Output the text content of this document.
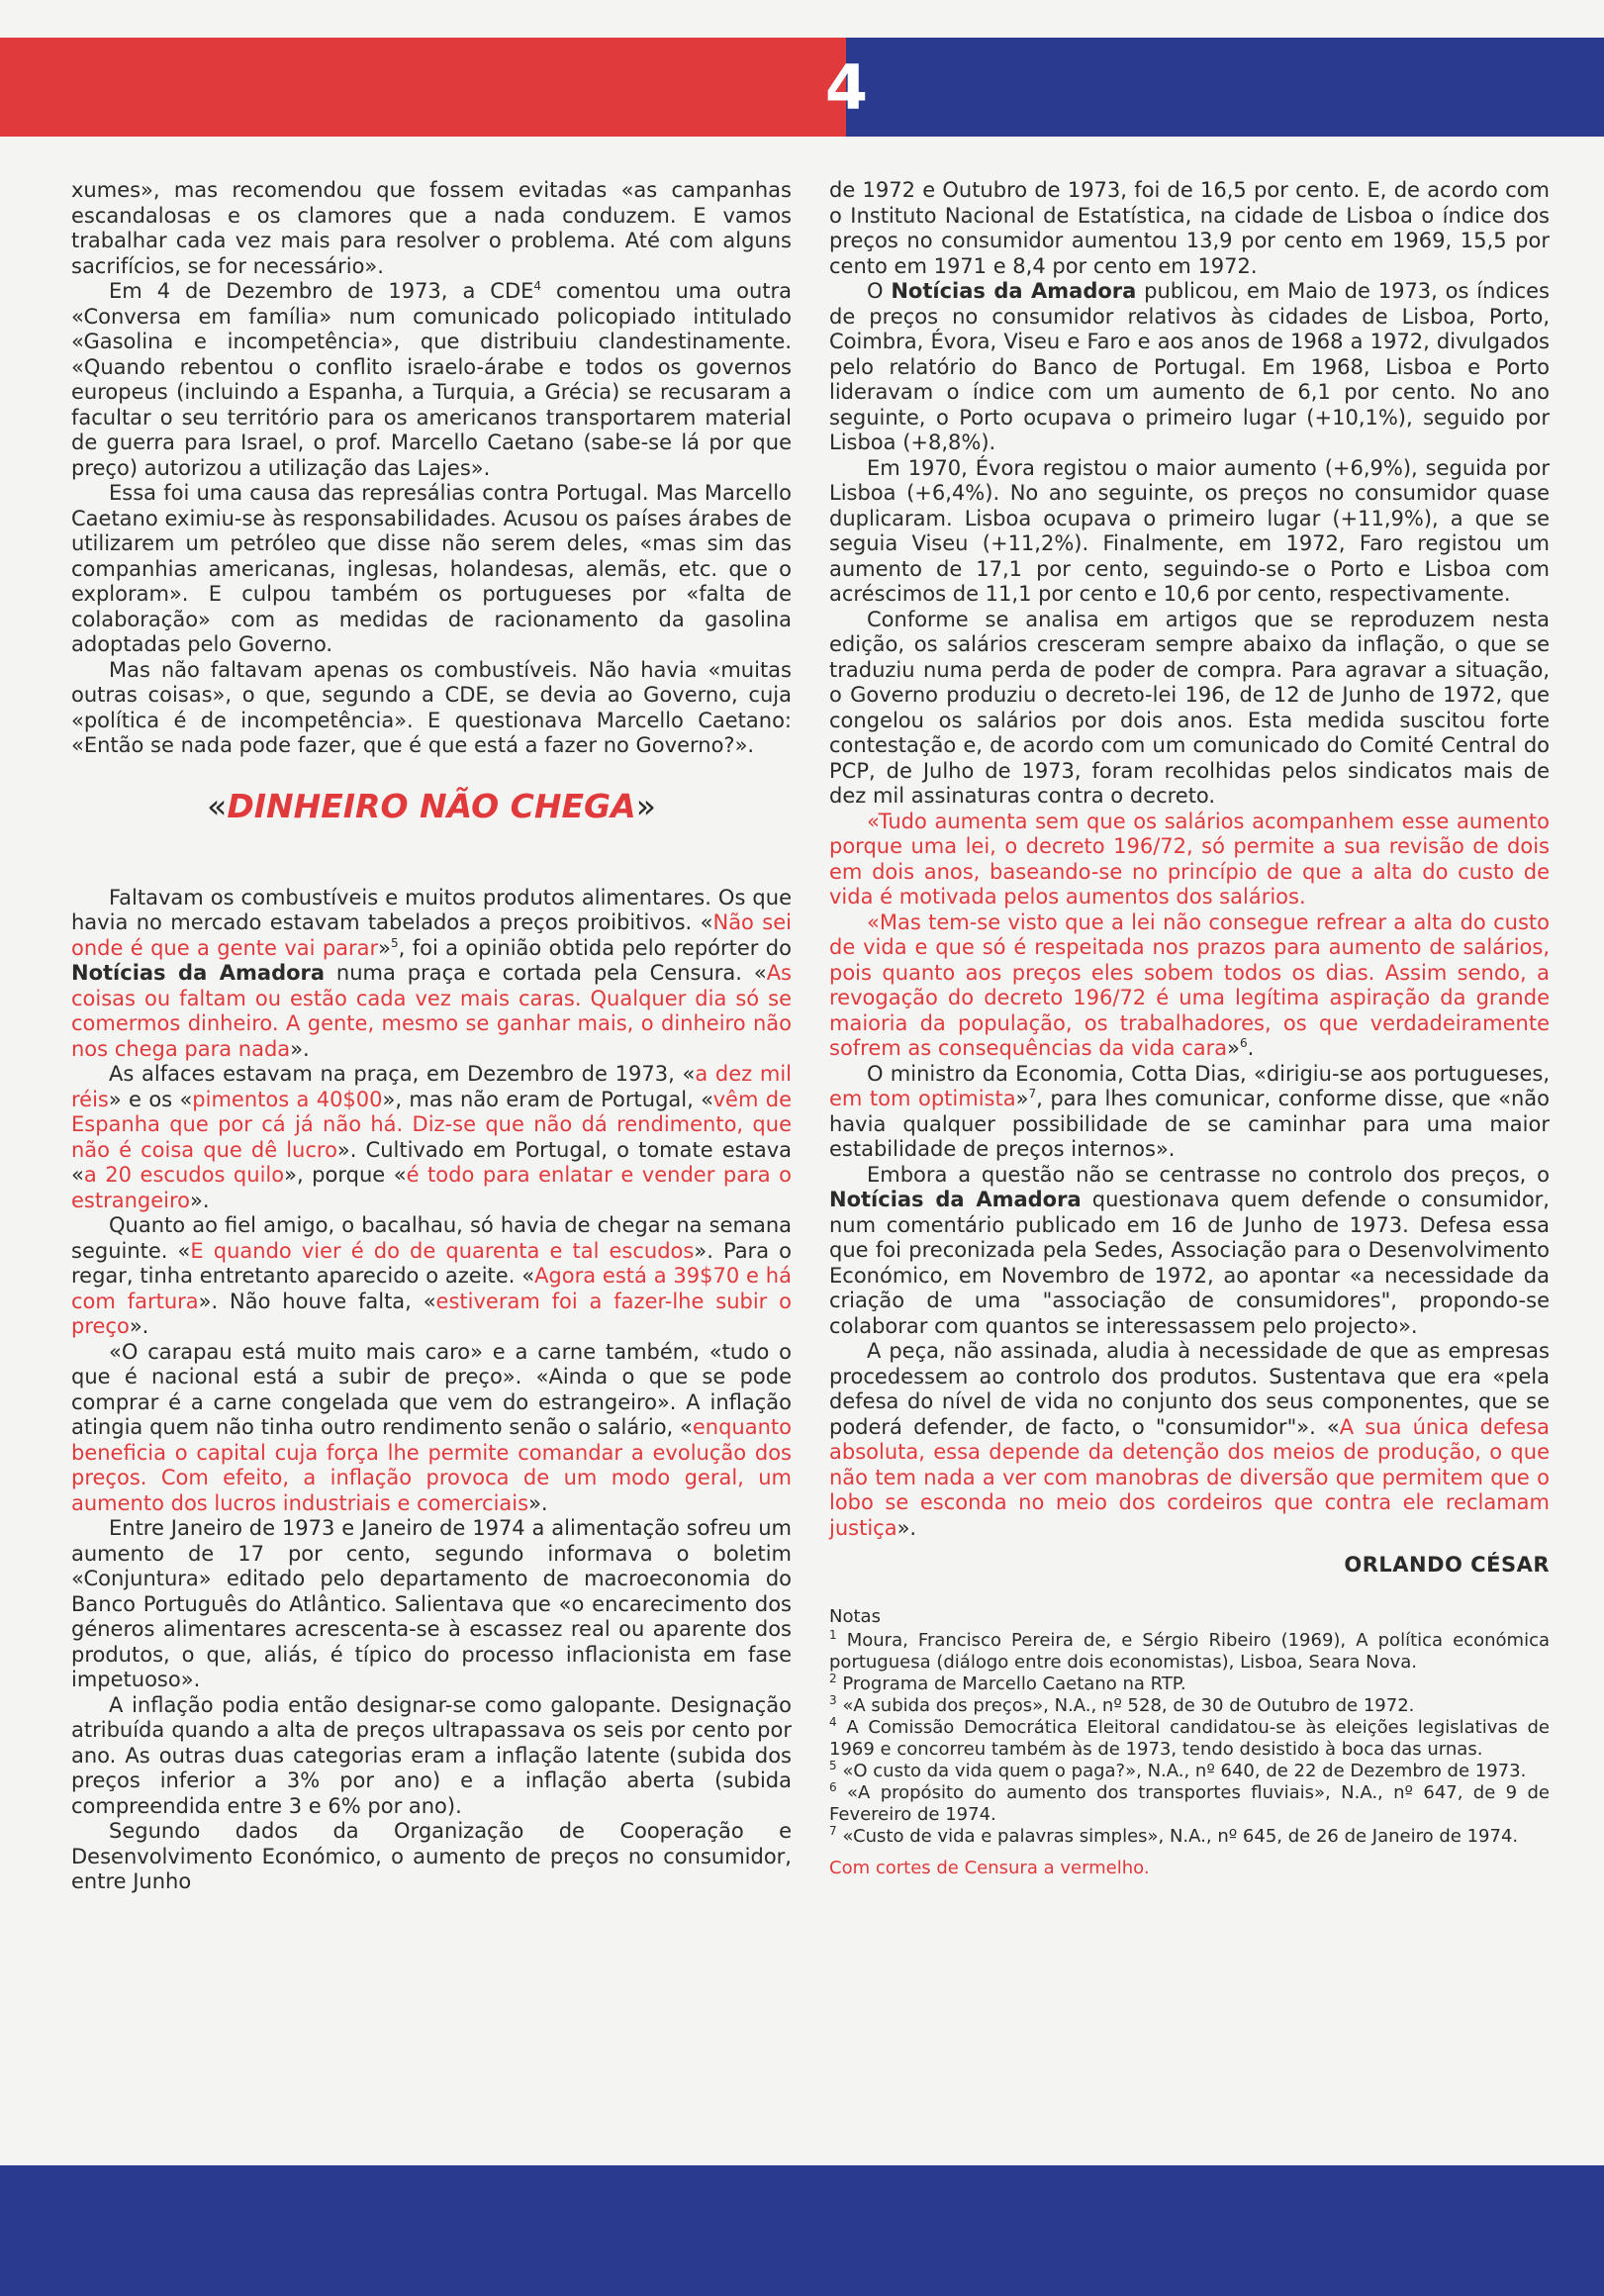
4

xumes», mas recomendou que fossem evitadas «as campanhas escandalosas e os clamores que a nada conduzem. E vamos trabalhar cada vez mais para resolver o problema. Até com alguns sacrifícios, se for necessário».

Em 4 de Dezembro de 1973, a CDE$^4$ comentou uma outra «Conversa em família» num comunicado policopiado intitulado «Gasolina e incompetência», que distribuiu clandestinamente. «Quando rebentou o conflito israelo-árabe e todos os governos europeus (incluindo a Espanha, a Turquia, a Grécia) se recusaram a facultar o seu território para os americanos transportarem material de guerra para Israel, o prof. Marcello Caetano (sabe-se lá por que preço) autorizou a utilização das Lajes».

Essa foi uma causa das represálias contra Portugal. Mas Marcello Caetano eximiu-se às responsabilidades. Acusou os países árabes de utilizarem um petróleo que disse não serem deles, «mas sim das companhias americanas, inglesas, holandesas, alemãs, etc. que o exploram». E culpou também os portugueses por «falta de colaboração» com as medidas de racionamento da gasolina adoptadas pelo Governo.

Mas não faltavam apenas os combustíveis. Não havia «muitas outras coisas», o que, segundo a CDE, se devia ao Governo, cuja «política é de incompetência». E questionava Marcello Caetano: «Então se nada pode fazer, que é que está a fazer no Governo?».

«DINHEIRO NÃO CHEGA»

Faltavam os combustíveis e muitos produtos alimentares. Os que havia no mercado estavam tabelados a preços proibitivos. «Não sei onde é que a gente vai parar»$^5$, foi a opinião obtida pelo repórter do Notícias da Amadora numa praça e cortada pela Censura. «As coisas ou faltam ou estão cada vez mais caras. Qualquer dia só se comermos dinheiro. A gente, mesmo se ganhar mais, o dinheiro não nos chega para nada».

As alfaces estavam na praça, em Dezembro de 1973, «a dez mil réis» e os «pimentos a 40$00», mas não eram de Portugal, «vêm de Espanha que por cá já não há. Diz-se que não dá rendimento, que não é coisa que dê lucro». Cultivado em Portugal, o tomate estava «a 20 escudos quilo», porque «é todo para enlatar e vender para o estrangeiro».

Quanto ao fiel amigo, o bacalhau, só havia de chegar na semana seguinte. «E quando vier é do de quarenta e tal escudos». Para o regar, tinha entretanto aparecido o azeite. «Agora está a 39$70 e há com fartura». Não houve falta, «estiveram foi a fazer-lhe subir o preço».

«O carapau está muito mais caro» e a carne também, «tudo o que é nacional está a subir de preço». «Ainda o que se pode comprar é a carne congelada que vem do estrangeiro». A inflação atingia quem não tinha outro rendimento senão o salário, «enquanto beneficia o capital cuja força lhe permite comandar a evolução dos preços. Com efeito, a inflação provoca de um modo geral, um aumento dos lucros industriais e comerciais».

Entre Janeiro de 1973 e Janeiro de 1974 a alimentação sofreu um aumento de 17 por cento, segundo informava o boletim «Conjuntura» editado pelo departamento de macroeconomia do Banco Português do Atlântico. Salientava que «o encarecimento dos géneros alimentares acrescenta-se à escassez real ou aparente dos produtos, o que, aliás, é típico do processo inflacionista em fase impetuoso».

A inflação podia então designar-se como galopante. Designação atribuída quando a alta de preços ultrapassava os seis por cento por ano. As outras duas categorias eram a inflação latente (subida dos preços inferior a 3% por ano) e a inflação aberta (subida compreendida entre 3 e 6% por ano).

Segundo dados da Organização de Cooperação e Desenvolvimento Económico, o aumento de preços no consumidor, entre Junho

de 1972 e Outubro de 1973, foi de 16,5 por cento. E, de acordo com o Instituto Nacional de Estatística, na cidade de Lisboa o índice dos preços no consumidor aumentou 13,9 por cento em 1969, 15,5 por cento em 1971 e 8,4 por cento em 1972.

O Notícias da Amadora publicou, em Maio de 1973, os índices de preços no consumidor relativos às cidades de Lisboa, Porto, Coimbra, Évora, Viseu e Faro e aos anos de 1968 a 1972, divulgados pelo relatório do Banco de Portugal. Em 1968, Lisboa e Porto lideravam o índice com um aumento de 6,1 por cento. No ano seguinte, o Porto ocupava o primeiro lugar (+10,1%), seguido por Lisboa (+8,8%).

Em 1970, Évora registou o maior aumento (+6,9%), seguida por Lisboa (+6,4%). No ano seguinte, os preços no consumidor quase duplicaram. Lisboa ocupava o primeiro lugar (+11,9%), a que se seguia Viseu (+11,2%). Finalmente, em 1972, Faro registou um aumento de 17,1 por cento, seguindo-se o Porto e Lisboa com acréscimos de 11,1 por cento e 10,6 por cento, respectivamente.

Conforme se analisa em artigos que se reproduzem nesta edição, os salários cresceram sempre abaixo da inflação, o que se traduziu numa perda de poder de compra. Para agravar a situação, o Governo produziu o decreto-lei 196, de 12 de Junho de 1972, que congelou os salários por dois anos. Esta medida suscitou forte contestação e, de acordo com um comunicado do Comité Central do PCP, de Julho de 1973, foram recolhidas pelos sindicatos mais de dez mil assinaturas contra o decreto.

«Tudo aumenta sem que os salários acompanhem esse aumento porque uma lei, o decreto 196/72, só permite a sua revisão de dois em dois anos, baseando-se no princípio de que a alta do custo de vida é motivada pelos aumentos dos salários.

«Mas tem-se visto que a lei não consegue refrear a alta do custo de vida e que só é respeitada nos prazos para aumento de salários, pois quanto aos preços eles sobem todos os dias. Assim sendo, a revogação do decreto 196/72 é uma legítima aspiração da grande maioria da população, os trabalhadores, os que verdadeiramente sofrem as consequências da vida cara»$^6$.

O ministro da Economia, Cotta Dias, «dirigiu-se aos portugueses, em tom optimista»$^7$, para lhes comunicar, conforme disse, que «não havia qualquer possibilidade de se caminhar para uma maior estabilidade de preços internos».

Embora a questão não se centrasse no controlo dos preços, o Notícias da Amadora questionava quem defende o consumidor, num comentário publicado em 16 de Junho de 1973. Defesa essa que foi preconizada pela Sedes, Associação para o Desenvolvimento Económico, em Novembro de 1972, ao apontar «a necessidade da criação de uma "associação de consumidores", propondo-se colaborar com quantos se interessassem pelo projecto».

A peça, não assinada, aludia à necessidade de que as empresas procedessem ao controlo dos produtos. Sustentava que era «pela defesa do nível de vida no conjunto dos seus componentes, que se poderá defender, de facto, o "consumidor"». «A sua única defesa absoluta, essa depende da detenção dos meios de produção, o que não tem nada a ver com manobras de diversão que permitem que o lobo se esconda no meio dos cordeiros que contra ele reclamam justiça».

ORLANDO CÉSAR
Notas

$^1$ Moura, Francisco Pereira de, e Sérgio Ribeiro (1969), A política económica portuguesa (diálogo entre dois economistas), Lisboa, Seara Nova.

$^2$ Programa de Marcello Caetano na RTP.

$^3$ «A subida dos preços», N.A., nº 528, de 30 de Outubro de 1972.

$^4$ A Comissão Democrática Eleitoral candidatou-se às eleições legislativas de 1969 e concorreu também às de 1973, tendo desistido à boca das urnas.

$^5$ «O custo da vida quem o paga?», N.A., nº 640, de 22 de Dezembro de 1973.

$^6$ «A propósito do aumento dos transportes fluviais», N.A., nº 647, de 9 de Fevereiro de 1974.

$^7$ «Custo de vida e palavras simples», N.A., nº 645, de 26 de Janeiro de 1974.

Com cortes de Censura a vermelho.
